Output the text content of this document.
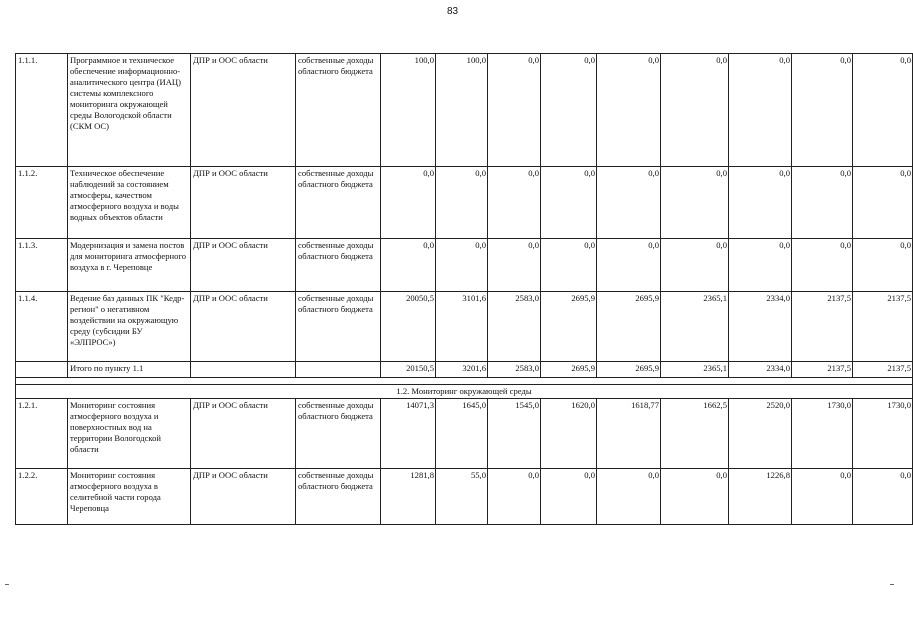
83
1.1.1.	Программное и техническое обеспечение информационно-аналитического центра (ИАЦ) системы комплексного мониторинга окружающей среды Вологодской области (СКМ ОС)	ДПР и ООС области	собственные доходы областного бюджета	100,0	100,0	0,0	0,0	0,0	0,0	0,0	0,0	0,0
1.1.2.	Техническое обеспечение наблюдений за состоянием атмосферы, качеством атмосферного воздуха и воды водных объектов области	ДПР и ООС области	собственные доходы областного бюджета	0,0	0,0	0,0	0,0	0,0	0,0	0,0	0,0	0,0
1.1.3.	Модернизация и замена постов для мониторинга атмосферного воздуха в г. Череповце	ДПР и ООС области	собственные доходы областного бюджета	0,0	0,0	0,0	0,0	0,0	0,0	0,0	0,0	0,0
1.1.4.	Ведение баз данных ПК "Кедр-регион" о негативном воздействии на окружающую среду (субсидии БУ «ЭЛПРОС»)	ДПР и ООС области	собственные доходы областного бюджета	20050,5	3101,6	2583,0	2695,9	2695,9	2365,1	2334,0	2137,5	2137,5
	Итого по пункту 1.1			20150,5	3201,6	2583,0	2695,9	2695,9	2365,1	2334,0	2137,5	2137,5

1.2. Мониторинг окружающей среды												
1.2.1.	Мониторинг состояния атмосферного воздуха и поверхностных вод на территории Вологодской области	ДПР и ООС области	собственные доходы областного бюджета	14071,3	1645,0	1545,0	1620,0	1618,77	1662,5	2520,0	1730,0	1730,0
1.2.2.	Мониторинг состояния атмосферного воздуха в селитебной части города Череповца	ДПР и ООС области	собственные доходы областного бюджета	1281,8	55,0	0,0	0,0	0,0	0,0	1226,8	0,0	0,0
